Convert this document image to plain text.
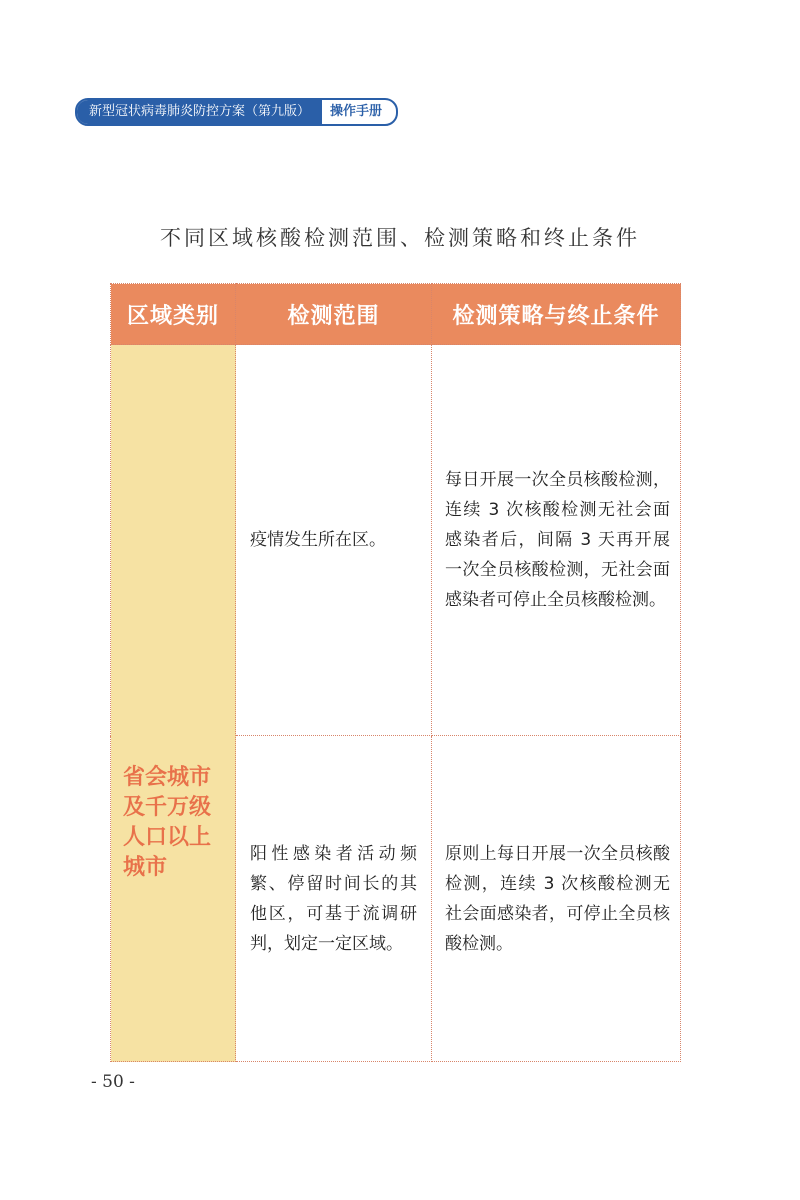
新型冠状病毒肺炎防控方案（第九版）	操作手册
不同区域核酸检测范围、检测策略和终止条件
区域类别	检测范围	检测策略与终止条件

省会城市及千万级人口以上城市	疫情发生所在区。	每日开展一次全员核酸检测，连续 3 次核酸检测无社会面感染者后，间隔 3 天再开展一次全员核酸检测，无社会面感染者可停止全员核酸检测。

	阳性感染者活动频繁、停留时间长的其他区，可基于流调研判，划定一定区域。	原则上每日开展一次全员核酸检测，连续 3 次核酸检测无社会面感染者，可停止全员核酸检测。
- 50 -
